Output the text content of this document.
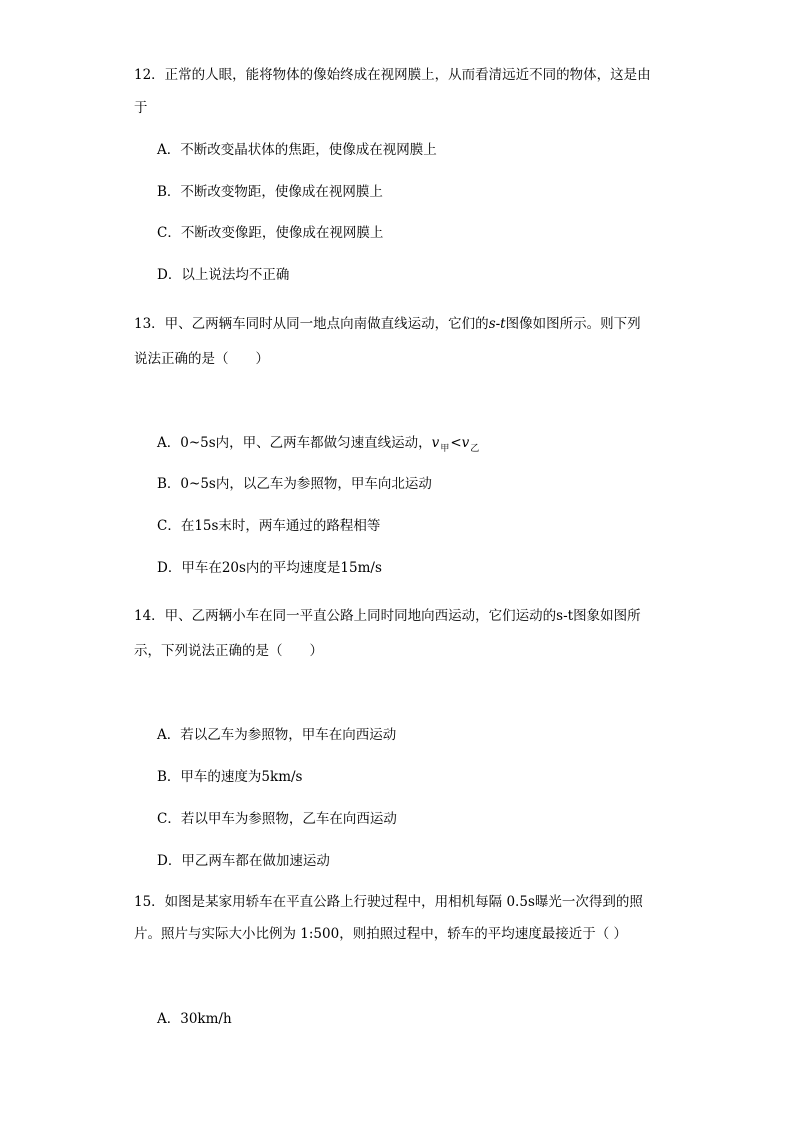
12．正常的人眼，能将物体的像始终成在视网膜上，从而看清远近不同的物体，这是由
于
A．不断改变晶状体的焦距，使像成在视网膜上
B．不断改变物距，使像成在视网膜上
C．不断改变像距，使像成在视网膜上
D．以上说法均不正确
13．甲、乙两辆车同时从同一地点向南做直线运动，它们的s-t图像如图所示。则下列
说法正确的是（　　）
A．0~5s内，甲、乙两车都做匀速直线运动，$v_甲<v_乙$
B．0~5s内，以乙车为参照物，甲车向北运动
C．在15s末时，两车通过的路程相等
D．甲车在20s内的平均速度是15m/s
14．甲、乙两辆小车在同一平直公路上同时同地向西运动，它们运动的s-t图象如图所
示，下列说法正确的是（　　）
A．若以乙车为参照物，甲车在向西运动
B．甲车的速度为5km/s
C．若以甲车为参照物，乙车在向西运动
D．甲乙两车都在做加速运动
15．如图是某家用轿车在平直公路上行驶过程中，用相机每隔 0.5s曝光一次得到的照
片。照片与实际大小比例为 1:500，则拍照过程中，轿车的平均速度最接近于（ ）
A．30km/h
